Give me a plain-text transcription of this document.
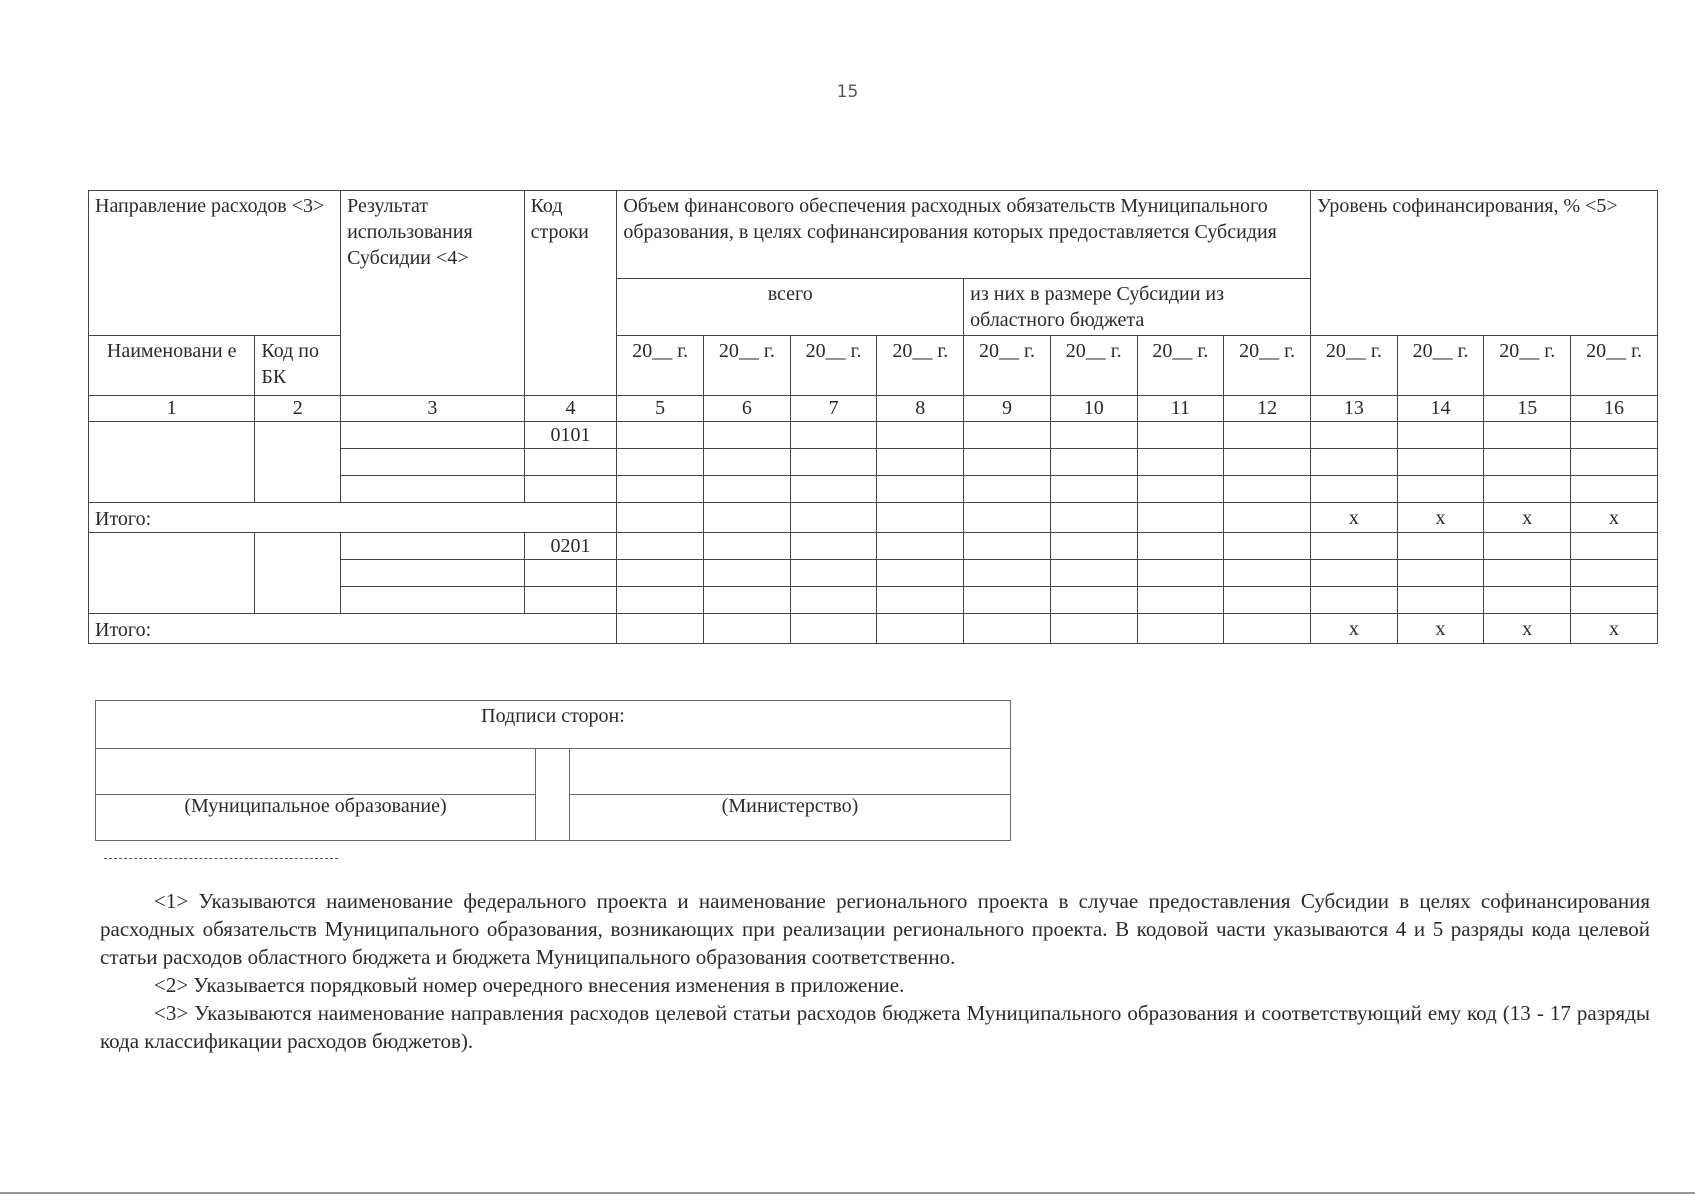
15
Направление расходов <3>		Результат использования Субсидии <4>	Код строки	Объем финансового обеспечения расходных обязательств Муниципального образования, в целях софинансирования которых предоставляется Субсидия								Уровень софинансирования, % <5>			
				всего				из них в размере Субсидии из областного бюджета							
Наименовани е	Код по БК			20__ г.	20__ г.	20__ г.	20__ г.	20__ г.	20__ г.	20__ г.	20__ г.	20__ г.	20__ г.	20__ г.	20__ г.
1	2	3	4	5	6	7	8	9	10	11	12	13	14	15	16
			0101												

Итого:												x	x	x	x
			0201												

Итого:												x	x	x	x
Подписи сторон:		

(Муниципальное образование)		(Министерство)

<1> Указываются наименование федерального проекта и наименование регионального проекта в случае предоставления Субсидии в целях софинансирования расходных обязательств Муниципального образования, возникающих при реализации регионального проекта. В кодовой части указываются 4 и 5 разряды кода целевой статьи расходов областного бюджета и бюджета Муниципального образования соответственно.

<2> Указывается порядковый номер очередного внесения изменения в приложение.

<3> Указываются наименование направления расходов целевой статьи расходов бюджета Муниципального образования и соответствующий ему код (13 - 17 разряды кода классификации расходов бюджетов).
